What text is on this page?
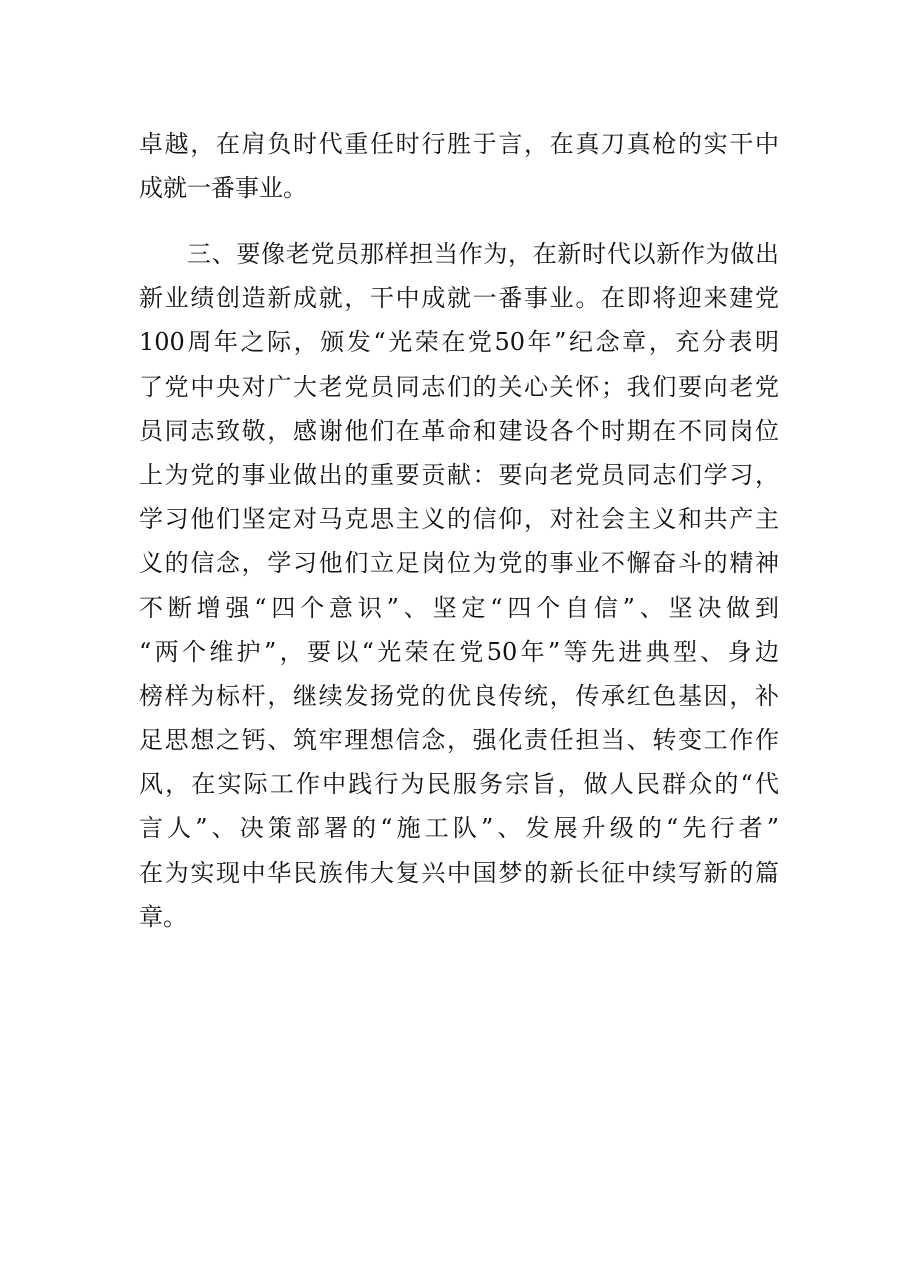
卓越，在肩负时代重任时行胜于言，在真刀真枪的实干中
成就一番事业。
三、要像老党员那样担当作为，在新时代以新作为做出
新业绩创造新成就，干中成就一番事业。在即将迎来建党
100周年之际，颁发“光荣在党50年”纪念章，充分表明
了党中央对广大老党员同志们的关心关怀；我们要向老党
员同志致敬，感谢他们在革命和建设各个时期在不同岗位
上为党的事业做出的重要贡献：要向老党员同志们学习，
学习他们坚定对马克思主义的信仰，对社会主义和共产主
义的信念，学习他们立足岗位为党的事业不懈奋斗的精神
不断增强“四个意识”、坚定“四个自信”、坚决做到
“两个维护”，要以“光荣在党50年”等先进典型、身边
榜样为标杆，继续发扬党的优良传统，传承红色基因，补
足思想之钙、筑牢理想信念，强化责任担当、转变工作作
风，在实际工作中践行为民服务宗旨，做人民群众的“代
言人”、决策部署的“施工队”、发展升级的“先行者”
在为实现中华民族伟大复兴中国梦的新长征中续写新的篇
章。
